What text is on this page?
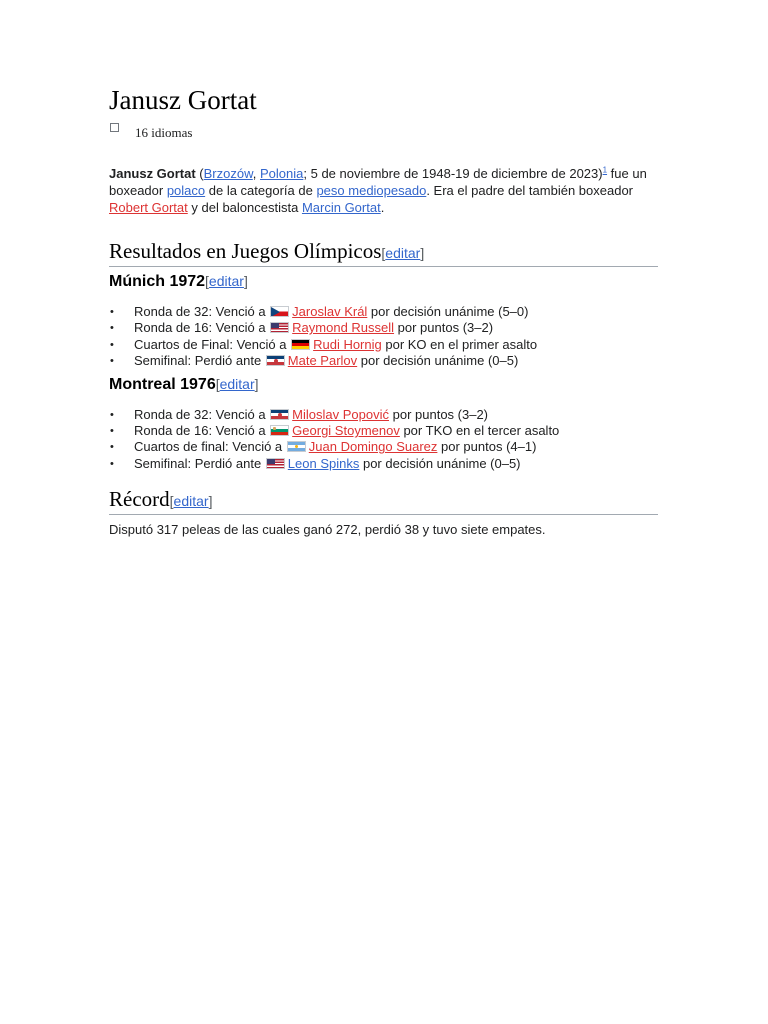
Janusz Gortat
16 idiomas

Janusz Gortat (Brzozów, Polonia; 5 de noviembre de 1948-19 de diciembre de 2023)$^1$ fue un boxeador polaco de la categoría de peso mediopesado. Era el padre del también boxeador Robert Gortat y del baloncestista Marcin Gortat.

Resultados en Juegos Olímpicos[editar]
Múnich 1972[editar]
• Ronda de 32: Venció a Jaroslav Král por decisión unánime (5–0)
• Ronda de 16: Venció a Raymond Russell por puntos (3–2)
• Cuartos de Final: Venció a Rudi Hornig por KO en el primer asalto
• Semifinal: Perdió ante Mate Parlov por decisión unánime (0–5)
Montreal 1976[editar]
• Ronda de 32: Venció a Miloslav Popović por puntos (3–2)
• Ronda de 16: Venció a Georgi Stoymenov por TKO en el tercer asalto
• Cuartos de final: Venció a Juan Domingo Suarez por puntos (4–1)
• Semifinal: Perdió ante Leon Spinks por decisión unánime (0–5)
Récord[editar]

Disputó 317 peleas de las cuales ganó 272, perdió 38 y tuvo siete empates.
